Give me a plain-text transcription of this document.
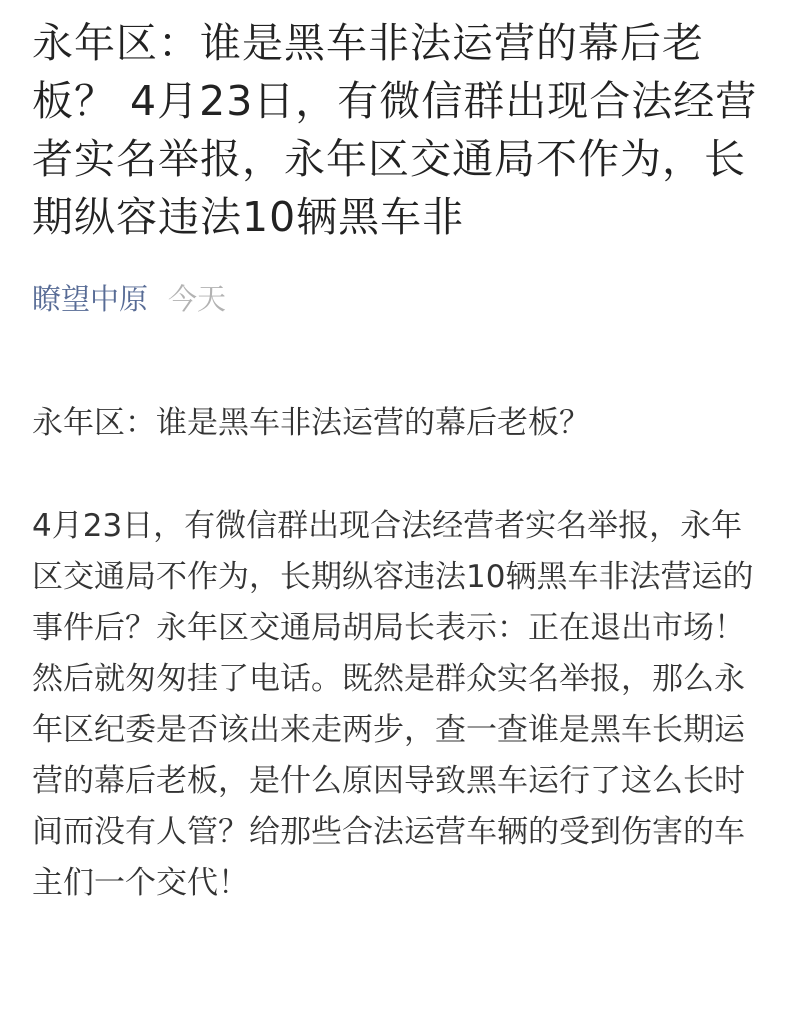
永年区：谁是黑车非法运营的幕后老板？ 4月23日，有微信群出现合法经营者实名举报，永年区交通局不作为，长期纵容违法10辆黑车非
瞭望中原 今天

永年区：谁是黑车非法运营的幕后老板？

4月23日，有微信群出现合法经营者实名举报，永年区交通局不作为，长期纵容违法10辆黑车非法营运的事件后？永年区交通局胡局长表示：正在退出市场！然后就匆匆挂了电话。既然是群众实名举报，那么永年区纪委是否该出来走两步，查一查谁是黑车长期运营的幕后老板，是什么原因导致黑车运行了这么长时间而没有人管？给那些合法运营车辆的受到伤害的车主们一个交代！
